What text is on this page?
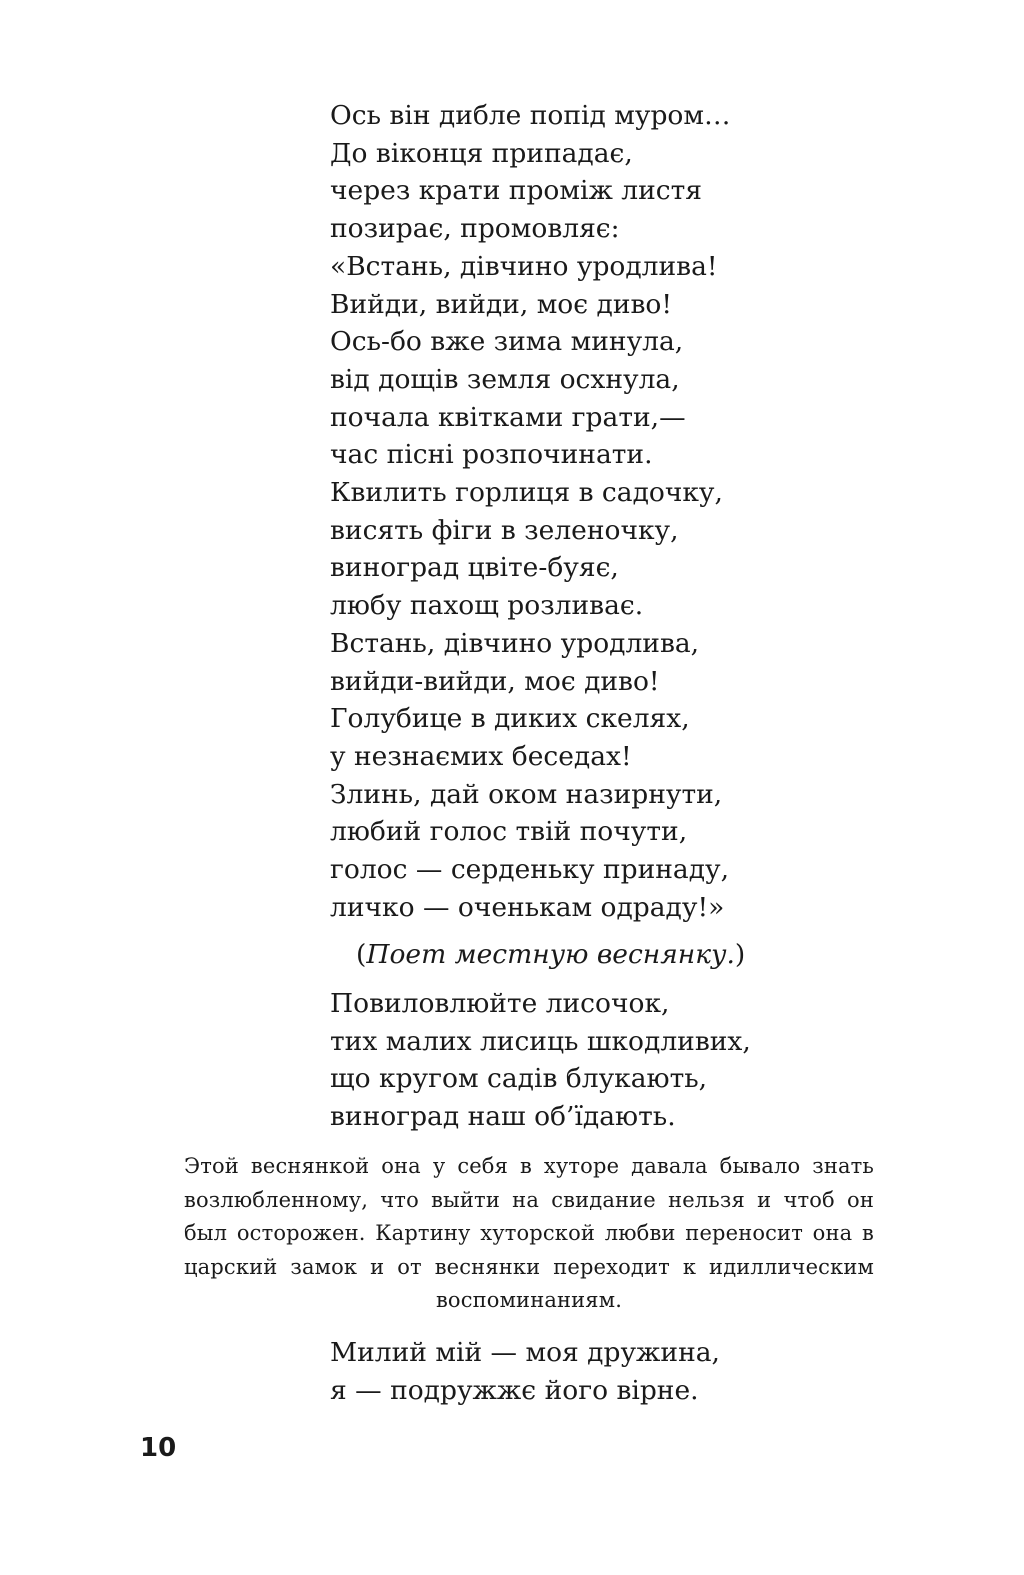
Ось він дибле попід муром…
До віконця припадає,
через крати проміж листя
позирає, промовляє:
«Встань, дівчино уродлива!
Вийди, вийди, моє диво!
Ось-бо вже зима минула,
від дощів земля осхнула,
почала квітками грати,—
час пісні розпочинати.
Квилить горлиця в садочку,
висять фіги в зеленочку,
виноград цвіте-буяє,
любу пахощ розливає.
Встань, дівчино уродлива,
вийди-вийди, моє диво!
Голубице в диких скелях,
у незнаємих беседах!
Злинь, дай оком назирнути,
любий голос твій почути,
голос — серденьку принаду,
личко — оченькам одраду!»
(Поет местную веснянку.)
Повиловлюйте лисочок,
тих малих лисиць шкодливих,
що кругом садів блукають,
виноград наш об’їдають.

Этой веснянкой она у себя в хуторе давала бывало знать возлюбленному, что выйти на свидание нельзя и чтоб он был осторожен. Картину хуторской любви переносит она в царский замок и от веснянки переходит к идиллическим воспоминаниям.

Милий мій — моя дружина,
я — подружжє його вірне.
10
